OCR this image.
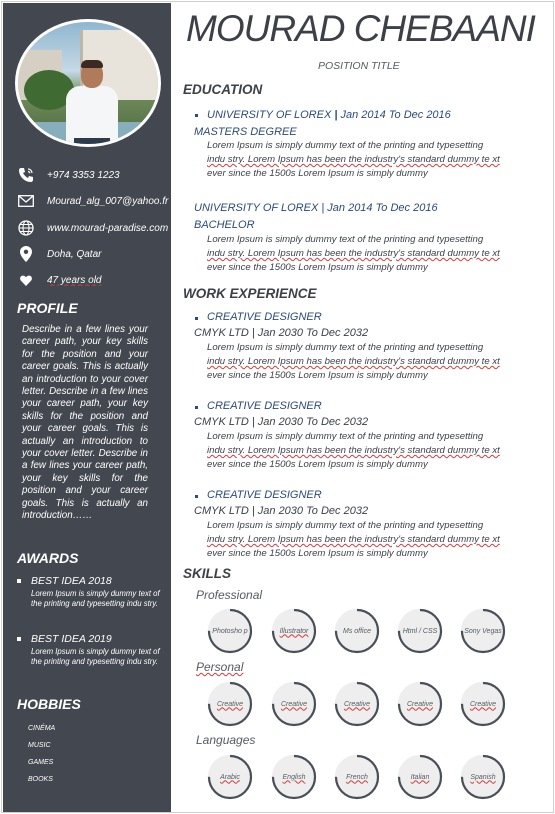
+974 3353 1223
Mourad_alg_007@yahoo.fr
www.mourad-paradise.com
Doha, Qatar
47 years old
PROFILE
Describe in a few lines your career path, your key skills for the position and your career goals. This is actually an introduction to your cover letter. Describe in a few lines your career path, your key skills for the position and your career goals. This is actually an introduction to your cover letter. Describe in a few lines your career path, your key skills for the position and your career goals. This is actually an introduction……
AWARDS
BEST IDEA 2018
Lorem Ipsum is simply dummy text of the printing and typesetting indu stry.
BEST IDEA 2019
Lorem Ipsum is simply dummy text of the printing and typesetting indu stry.
HOBBIES
CINÉMA
MUSIC
GAMES
BOOKS
MOURAD CHEBAANI
POSITION TITLE
EDUCATION
UNIVERSITY OF LOREX | Jan 2014 To Dec 2016
MASTERS DEGREE
Lorem Ipsum is simply dummy text of the printing and typesetting
indu stry. Lorem Ipsum has been the industry's standard dummy te xt
ever since the 1500s Lorem Ipsum is simply dummy
UNIVERSITY OF LOREX | Jan 2014 To Dec 2016
BACHELOR
Lorem Ipsum is simply dummy text of the printing and typesetting
indu stry. Lorem Ipsum has been the industry's standard dummy te xt
ever since the 1500s Lorem Ipsum is simply dummy
WORK EXPERIENCE
CREATIVE DESIGNER
CMYK LTD | Jan 2030 To Dec 2032
Lorem Ipsum is simply dummy text of the printing and typesetting
indu stry. Lorem Ipsum has been the industry's standard dummy te xt
ever since the 1500s Lorem Ipsum is simply dummy
CREATIVE DESIGNER
CMYK LTD | Jan 2030 To Dec 2032
Lorem Ipsum is simply dummy text of the printing and typesetting
indu stry. Lorem Ipsum has been the industry's standard dummy te xt
ever since the 1500s Lorem Ipsum is simply dummy
CREATIVE DESIGNER
CMYK LTD | Jan 2030 To Dec 2032
Lorem Ipsum is simply dummy text of the printing and typesetting
indu stry. Lorem Ipsum has been the industry's standard dummy te xt
ever since the 1500s Lorem Ipsum is simply dummy
SKILLS
Professional
Personal
Languages
Photosho p	Illustrator	Ms office	Html / CSS	Sony Vegas
Creative	Creative	Creative	Creative	Creative
Arabic	English	French	Italian	Spanish
